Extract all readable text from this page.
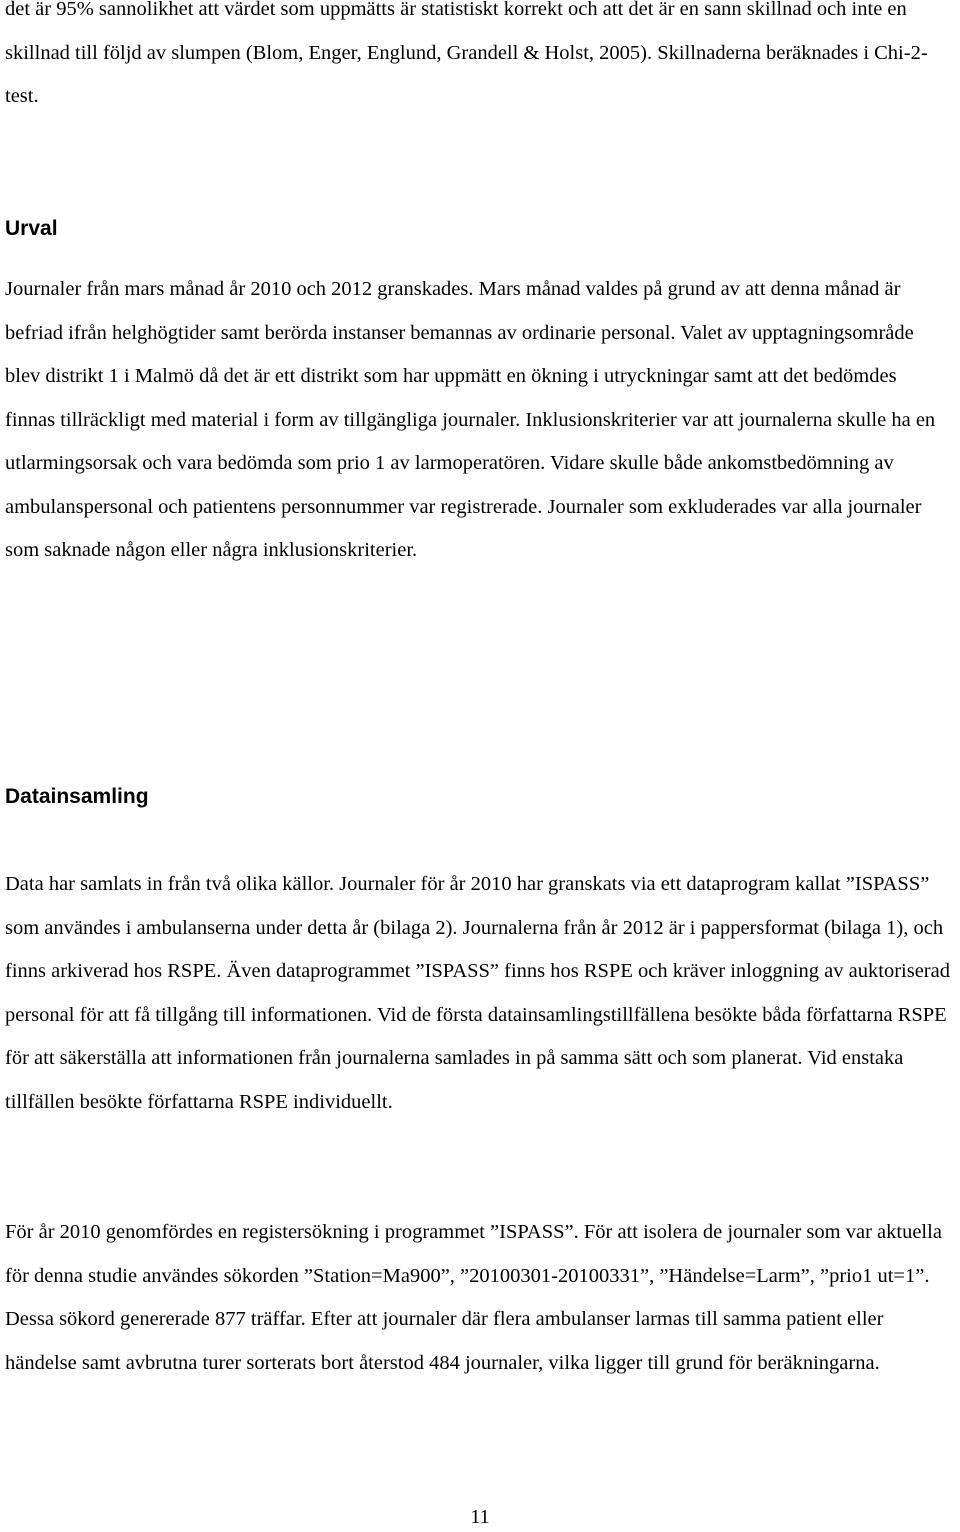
det är 95% sannolikhet att värdet som uppmätts är statistiskt korrekt och att det är en sann skillnad och inte en skillnad till följd av slumpen (Blom, Enger, Englund, Grandell & Holst, 2005). Skillnaderna beräknades i Chi-2-test.

Urval

Journaler från mars månad år 2010 och 2012 granskades. Mars månad valdes på grund av att denna månad är befriad ifrån helghögtider samt berörda instanser bemannas av ordinarie personal. Valet av upptagningsområde blev distrikt 1 i Malmö då det är ett distrikt som har uppmätt en ökning i utryckningar samt att det bedömdes finnas tillräckligt med material i form av tillgängliga journaler. Inklusionskriterier var att journalerna skulle ha en utlarmingsorsak och vara bedömda som prio 1 av larmoperatören. Vidare skulle både ankomstbedömning av ambulanspersonal och patientens personnummer var registrerade. Journaler som exkluderades var alla journaler som saknade någon eller några inklusionskriterier.

Datainsamling

Data har samlats in från två olika källor. Journaler för år 2010 har granskats via ett dataprogram kallat ”ISPASS” som användes i ambulanserna under detta år (bilaga 2). Journalerna från år 2012 är i pappersformat (bilaga 1), och finns arkiverad hos RSPE. Även dataprogrammet ”ISPASS” finns hos RSPE och kräver inloggning av auktoriserad personal för att få tillgång till informationen. Vid de första datainsamlingstillfällena besökte båda författarna RSPE för att säkerställa att informationen från journalerna samlades in på samma sätt och som planerat. Vid enstaka tillfällen besökte författarna RSPE individuellt.

För år 2010 genomfördes en registersökning i programmet ”ISPASS”. För att isolera de journaler som var aktuella för denna studie användes sökorden ”Station=Ma900”, ”20100301-20100331”, ”Händelse=Larm”, ”prio1 ut=1”. Dessa sökord genererade 877 träffar. Efter att journaler där flera ambulanser larmas till samma patient eller händelse samt avbrutna turer sorterats bort återstod 484 journaler, vilka ligger till grund för beräkningarna.

11
